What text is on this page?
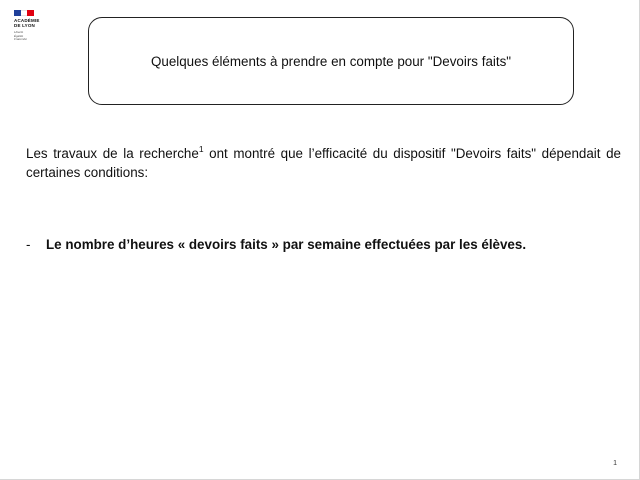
ACADÉMIE
DE LYON
Liberté
Égalité
Fraternité
Quelques éléments à prendre en compte pour "Devoirs faits"

Les travaux de la recherche$^1$ ont montré que l’efficacité du dispositif "Devoirs faits" dépendait de certaines conditions:

-	Le nombre d’heures « devoirs faits » par semaine effectuées par les élèves.
1
